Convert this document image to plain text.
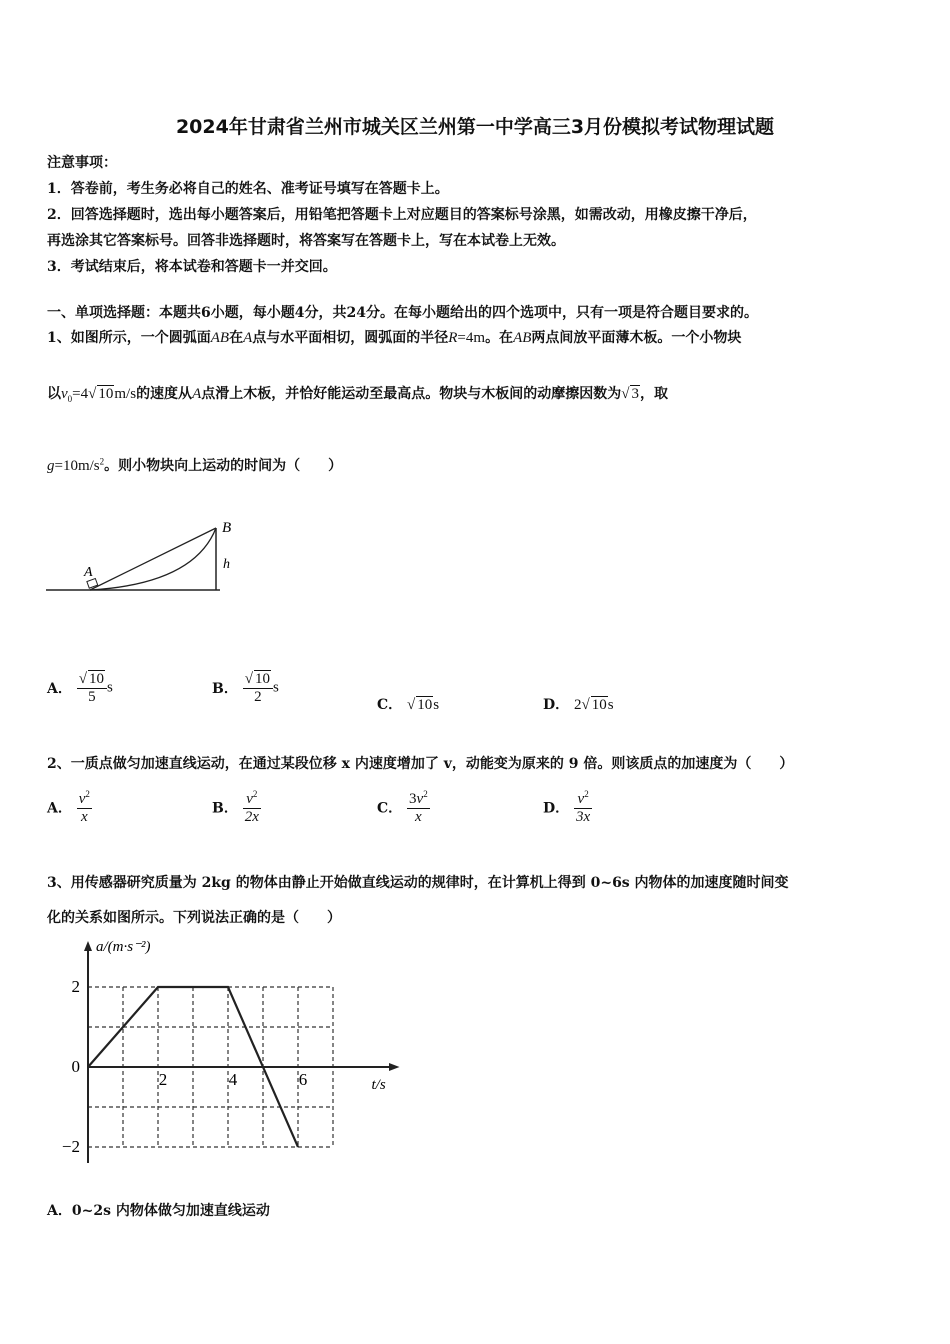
2024年甘肃省兰州市城关区兰州第一中学高三3月份模拟考试物理试题
注意事项：
1．答卷前，考生务必将自己的姓名、准考证号填写在答题卡上。
2．回答选择题时，选出每小题答案后，用铅笔把答题卡上对应题目的答案标号涂黑，如需改动，用橡皮擦干净后，
再选涂其它答案标号。回答非选择题时，将答案写在答题卡上，写在本试卷上无效。
3．考试结束后，将本试卷和答题卡一并交回。
一、单项选择题：本题共6小题，每小题4分，共24分。在每小题给出的四个选项中，只有一项是符合题目要求的。
1、如图所示，一个圆弧面AB在A点与水平面相切，圆弧面的半径R=4m。在AB两点间放平面薄木板。一个小物块
以$v_0=4√$ 10m/s的速度从A点滑上木板，并恰好能运动至最高点。物块与木板间的动摩擦因数为√ 3，取
$g=10m/s^2$。则小物块向上运动的时间为（　　）
A
B
h
A． $\frac{√ 10}{5}$ s	B． $\frac{√ 10}{2}$ s
C． √ 10s	D． 2√ 10s
2、一质点做匀加速直线运动，在通过某段位移 x 内速度增加了 v，动能变为原来的 9 倍。则该质点的加速度为（　　）
A． $\frac{v^2}{x}$	B． $\frac{v^2}{2x}$	C． $\frac{3v^2}{x}$	D． $\frac{v^2}{3x}$
3、用传感器研究质量为 2kg 的物体由静止开始做直线运动的规律时，在计算机上得到 0~6s 内物体的加速度随时间变
化的关系如图所示。下列说法正确的是（　　）
2
0
−2
2	4	6
a/(m·s⁻²)
t/s
A．0~2s 内物体做匀加速直线运动
